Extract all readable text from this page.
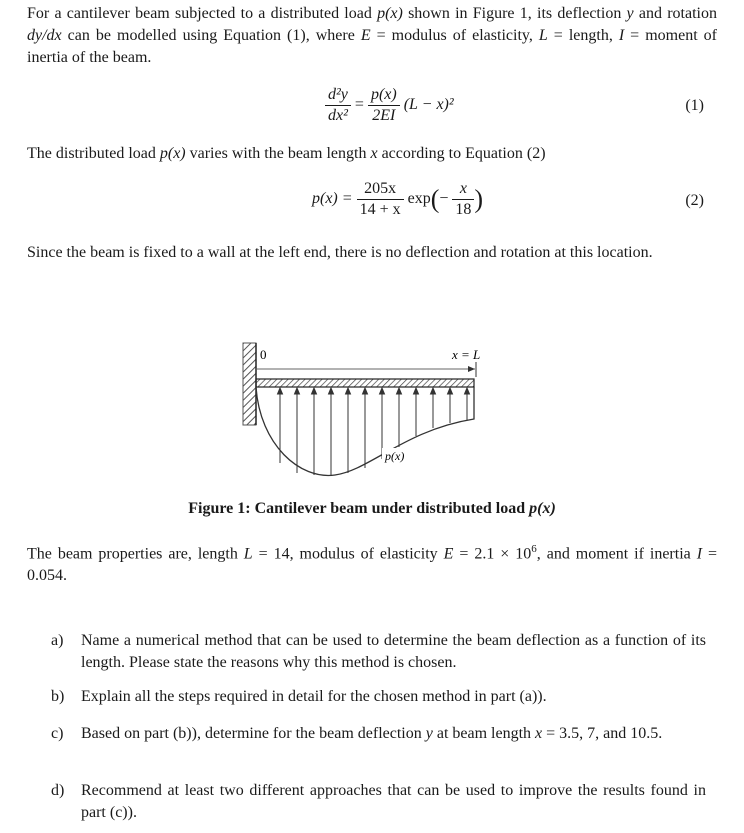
For a cantilever beam subjected to a distributed load p(x) shown in Figure 1, its deflection y and rotation dy/dx can be modelled using Equation (1), where E = modulus of elasticity, L = length, I = moment of inertia of the beam.

$\frac{\text{d²y}}{\text{dx²}} = \frac{p(x)}{2EI} (L - x)^2$	(1)

The distributed load p(x) varies with the beam length x according to Equation (2)

$p(x) = \frac{205x}{14 + x} \exp(- \frac{x}{18}$ )	(2)

Since the beam is fixed to a wall at the left end, there is no deflection and rotation at this location.

0	x = L
p(x)
Figure 1: Cantilever beam under distributed load p(x)

The beam properties are, length L = 14, modulus of elasticity $E = 2.1 \times 10^6$, and moment if inertia I = 0.054.

a) Name a numerical method that can be used to determine the beam deflection as a function of its length. Please state the reasons why this method is chosen.
b) Explain all the steps required in detail for the chosen method in part (a)).
c) Based on part (b)), determine for the beam deflection y at beam length x = 3.5, 7, and 10.5.
d) Recommend at least two different approaches that can be used to improve the results found in part (c)).
